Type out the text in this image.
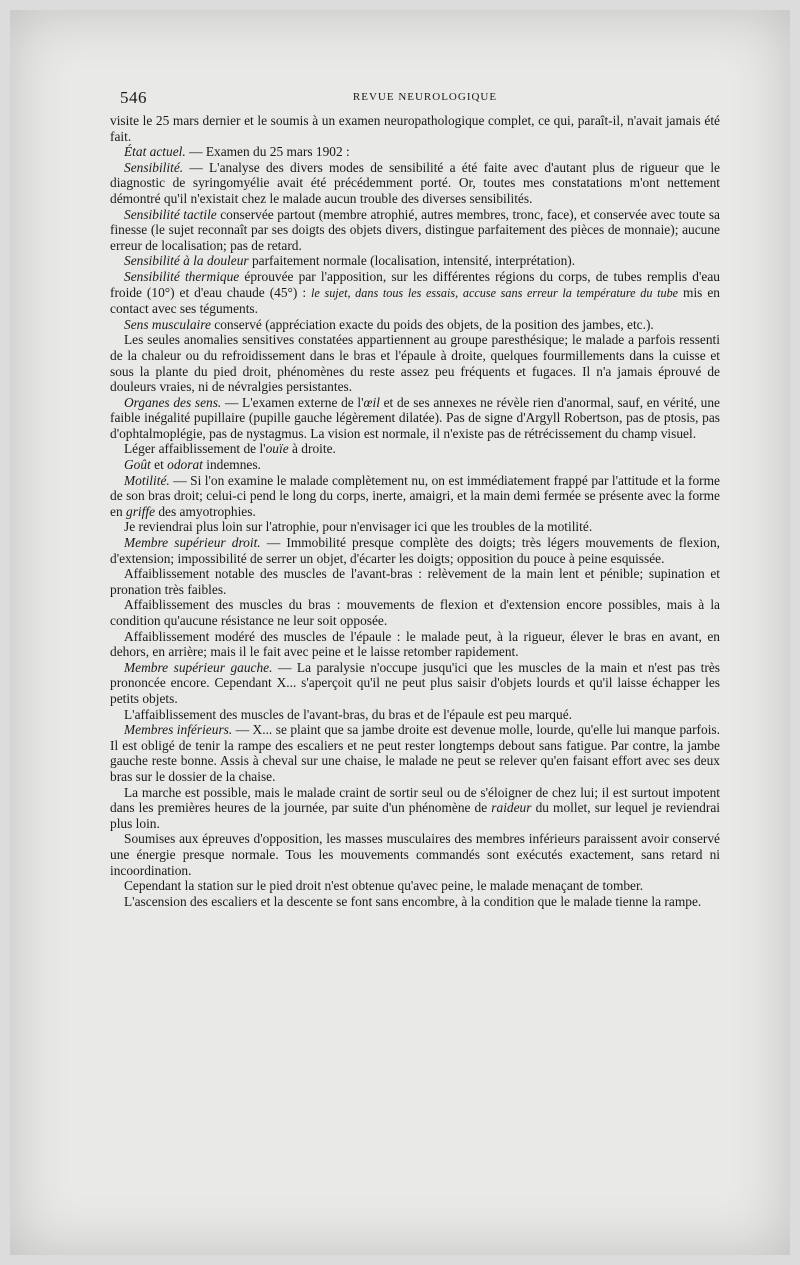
546	REVUE NEUROLOGIQUE

visite le 25 mars dernier et le soumis à un examen neuropathologique complet, ce qui, paraît-il, n'avait jamais été fait.

État actuel. — Examen du 25 mars 1902 :

Sensibilité. — L'analyse des divers modes de sensibilité a été faite avec d'autant plus de rigueur que le diagnostic de syringomyélie avait été précédemment porté. Or, toutes mes constatations m'ont nettement démontré qu'il n'existait chez le malade aucun trouble des diverses sensibilités.

Sensibilité tactile conservée partout (membre atrophié, autres membres, tronc, face), et conservée avec toute sa finesse (le sujet reconnaît par ses doigts des objets divers, distingue parfaitement des pièces de monnaie); aucune erreur de localisation; pas de retard.

Sensibilité à la douleur parfaitement normale (localisation, intensité, interprétation).

Sensibilité thermique éprouvée par l'apposition, sur les différentes régions du corps, de tubes remplis d'eau froide (10°) et d'eau chaude (45°) : le sujet, dans tous les essais, accuse sans erreur la température du tube mis en contact avec ses téguments.

Sens musculaire conservé (appréciation exacte du poids des objets, de la position des jambes, etc.).

Les seules anomalies sensitives constatées appartiennent au groupe paresthésique; le malade a parfois ressenti de la chaleur ou du refroidissement dans le bras et l'épaule à droite, quelques fourmillements dans la cuisse et sous la plante du pied droit, phénomènes du reste assez peu fréquents et fugaces. Il n'a jamais éprouvé de douleurs vraies, ni de névralgies persistantes.

Organes des sens. — L'examen externe de l'œil et de ses annexes ne révèle rien d'anormal, sauf, en vérité, une faible inégalité pupillaire (pupille gauche légèrement dilatée). Pas de signe d'Argyll Robertson, pas de ptosis, pas d'ophtalmoplégie, pas de nystagmus. La vision est normale, il n'existe pas de rétrécissement du champ visuel.

Léger affaiblissement de l'ouïe à droite.

Goût et odorat indemnes.

Motilité. — Si l'on examine le malade complètement nu, on est immédiatement frappé par l'attitude et la forme de son bras droit; celui-ci pend le long du corps, inerte, amaigri, et la main demi fermée se présente avec la forme en griffe des amyotrophies.

Je reviendrai plus loin sur l'atrophie, pour n'envisager ici que les troubles de la motilité.

Membre supérieur droit. — Immobilité presque complète des doigts; très légers mouvements de flexion, d'extension; impossibilité de serrer un objet, d'écarter les doigts; opposition du pouce à peine esquissée.

Affaiblissement notable des muscles de l'avant-bras : relèvement de la main lent et pénible; supination et pronation très faibles.

Affaiblissement des muscles du bras : mouvements de flexion et d'extension encore possibles, mais à la condition qu'aucune résistance ne leur soit opposée.

Affaiblissement modéré des muscles de l'épaule : le malade peut, à la rigueur, élever le bras en avant, en dehors, en arrière; mais il le fait avec peine et le laisse retomber rapidement.

Membre supérieur gauche. — La paralysie n'occupe jusqu'ici que les muscles de la main et n'est pas très prononcée encore. Cependant X... s'aperçoit qu'il ne peut plus saisir d'objets lourds et qu'il laisse échapper les petits objets.

L'affaiblissement des muscles de l'avant-bras, du bras et de l'épaule est peu marqué.

Membres inférieurs. — X... se plaint que sa jambe droite est devenue molle, lourde, qu'elle lui manque parfois. Il est obligé de tenir la rampe des escaliers et ne peut rester longtemps debout sans fatigue. Par contre, la jambe gauche reste bonne. Assis à cheval sur une chaise, le malade ne peut se relever qu'en faisant effort avec ses deux bras sur le dossier de la chaise.

La marche est possible, mais le malade craint de sortir seul ou de s'éloigner de chez lui; il est surtout impotent dans les premières heures de la journée, par suite d'un phénomène de raideur du mollet, sur lequel je reviendrai plus loin.

Soumises aux épreuves d'opposition, les masses musculaires des membres inférieurs paraissent avoir conservé une énergie presque normale. Tous les mouvements commandés sont exécutés exactement, sans retard ni incoordination.

Cependant la station sur le pied droit n'est obtenue qu'avec peine, le malade menaçant de tomber.

L'ascension des escaliers et la descente se font sans encombre, à la condition que le malade tienne la rampe.
